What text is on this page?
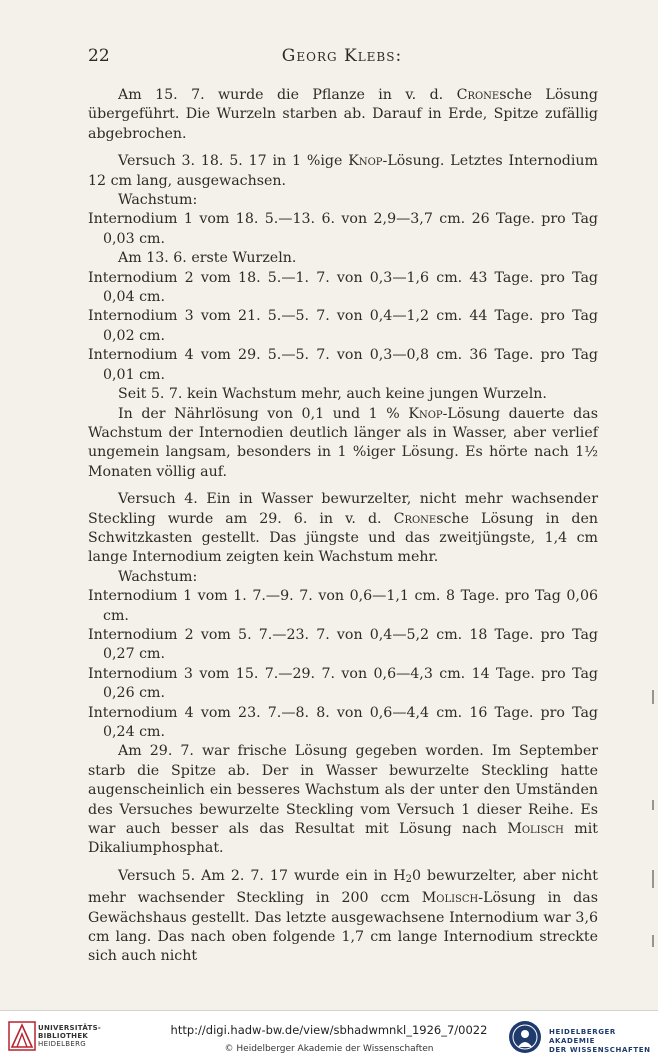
22	Georg Klebs:

Am 15. 7. wurde die Pflanze in v. d. Cronesche Lösung übergeführt. Die Wurzeln starben ab. Darauf in Erde, Spitze zufällig abgebrochen.

Versuch 3. 18. 5. 17 in 1 %ige Knop-Lösung. Letztes Internodium 12 cm lang, ausgewachsen.

Wachstum:

Internodium 1 vom 18. 5.—13. 6. von 2,9—3,7 cm. 26 Tage. pro Tag 0,03 cm.

Am 13. 6. erste Wurzeln.

Internodium 2 vom 18. 5.—1. 7. von 0,3—1,6 cm. 43 Tage. pro Tag 0,04 cm.

Internodium 3 vom 21. 5.—5. 7. von 0,4—1,2 cm. 44 Tage. pro Tag 0,02 cm.

Internodium 4 vom 29. 5.—5. 7. von 0,3—0,8 cm. 36 Tage. pro Tag 0,01 cm.

Seit 5. 7. kein Wachstum mehr, auch keine jungen Wurzeln.

In der Nährlösung von 0,1 und 1 % Knop-Lösung dauerte das Wachstum der Internodien deutlich länger als in Wasser, aber verlief ungemein langsam, besonders in 1 %iger Lösung. Es hörte nach 1½ Monaten völlig auf.

Versuch 4. Ein in Wasser bewurzelter, nicht mehr wachsender Steckling wurde am 29. 6. in v. d. Cronesche Lösung in den Schwitzkasten gestellt. Das jüngste und das zweitjüngste, 1,4 cm lange Internodium zeigten kein Wachstum mehr.

Wachstum:

Internodium 1 vom 1. 7.—9. 7. von 0,6—1,1 cm. 8 Tage. pro Tag 0,06 cm.

Internodium 2 vom 5. 7.—23. 7. von 0,4—5,2 cm. 18 Tage. pro Tag 0,27 cm.

Internodium 3 vom 15. 7.—29. 7. von 0,6—4,3 cm. 14 Tage. pro Tag 0,26 cm.

Internodium 4 vom 23. 7.—8. 8. von 0,6—4,4 cm. 16 Tage. pro Tag 0,24 cm.

Am 29. 7. war frische Lösung gegeben worden. Im September starb die Spitze ab. Der in Wasser bewurzelte Steckling hatte augenscheinlich ein besseres Wachstum als der unter den Umständen des Versuches bewurzelte Steckling vom Versuch 1 dieser Reihe. Es war auch besser als das Resultat mit Lösung nach Molisch mit Dikaliumphosphat.

Versuch 5. Am 2. 7. 17 wurde ein in $H_20$ bewurzelter, aber nicht mehr wachsender Steckling in 200 ccm Molisch-Lösung in das Gewächshaus gestellt. Das letzte ausgewachsene Internodium war 3,6 cm lang. Das nach oben folgende 1,7 cm lange Internodium streckte sich auch nicht

UNIVERSITÄTS-
BIBLIOTHEK
HEIDELBERG
http://digi.hadw-bw.de/view/sbhadwmnkl_1926_7/0022
© Heidelberger Akademie der Wissenschaften
HEIDELBERGER AKADEMIE
DER WISSENSCHAFTEN
